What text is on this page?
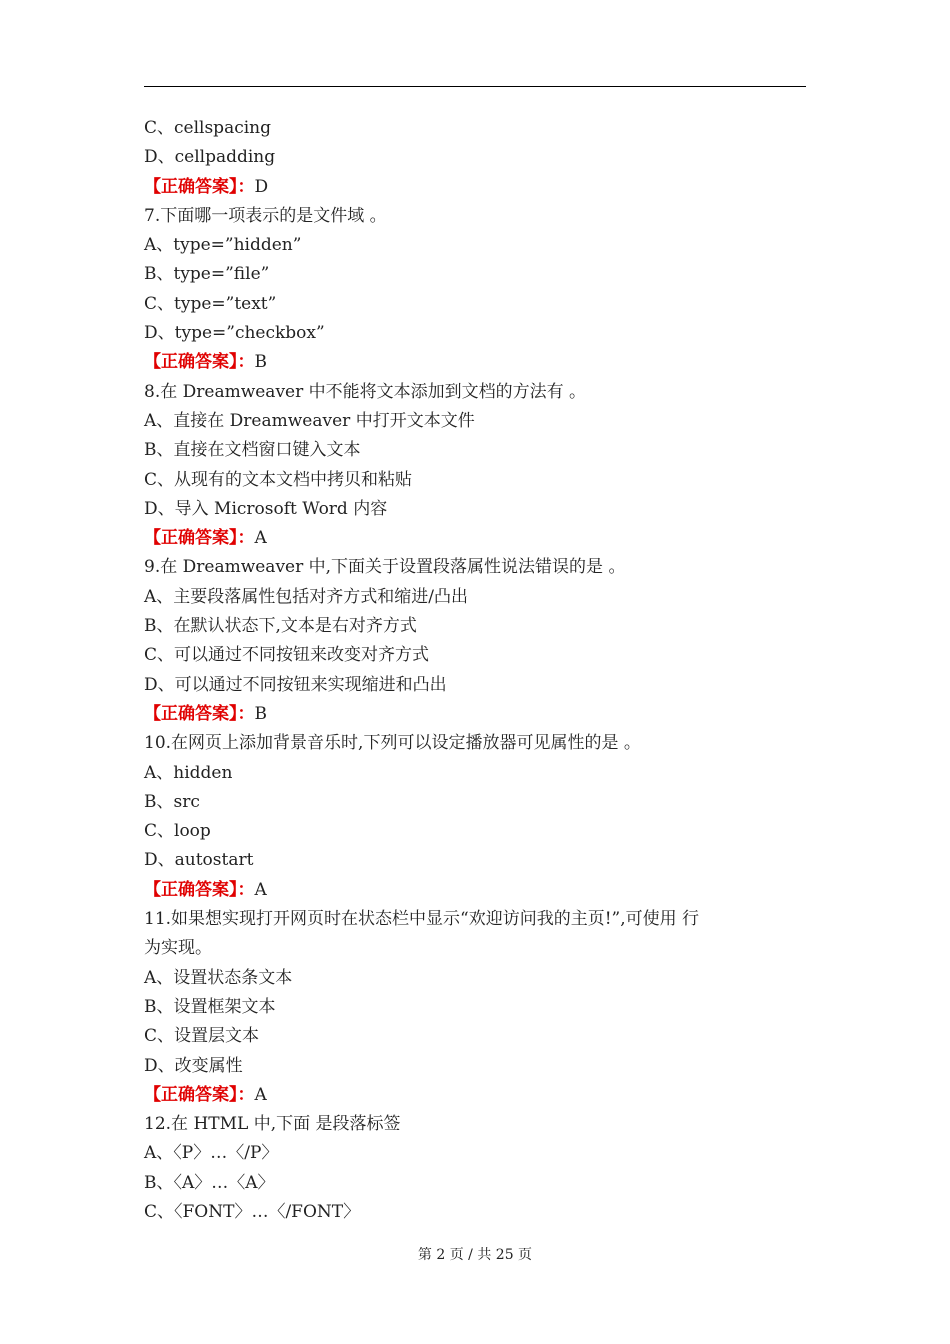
C、cellspacing
D、cellpadding
【正确答案】：D
7.下面哪一项表示的是文件域 。
A、type=”hidden”
B、type=”file”
C、type=”text”
D、type=”checkbox”
【正确答案】：B
8.在 Dreamweaver 中不能将文本添加到文档的方法有 。
A、直接在 Dreamweaver 中打开文本文件
B、直接在文档窗口键入文本
C、从现有的文本文档中拷贝和粘贴
D、导入 Microsoft Word 内容
【正确答案】：A
9.在 Dreamweaver 中,下面关于设置段落属性说法错误的是 。
A、主要段落属性包括对齐方式和缩进/凸出
B、在默认状态下,文本是右对齐方式
C、可以通过不同按钮来改变对齐方式
D、可以通过不同按钮来实现缩进和凸出
【正确答案】：B
10.在网页上添加背景音乐时,下列可以设定播放器可见属性的是 。
A、hidden
B、src
C、loop
D、autostart
【正确答案】：A
11.如果想实现打开网页时在状态栏中显示“欢迎访问我的主页!”,可使用 行
为实现。
A、设置状态条文本
B、设置框架文本
C、设置层文本
D、改变属性
【正确答案】：A
12.在 HTML 中,下面 是段落标签
A、〈P〉…〈/P〉
B、〈A〉…〈A〉
C、〈FONT〉…〈/FONT〉
第 2 页 / 共 25 页
